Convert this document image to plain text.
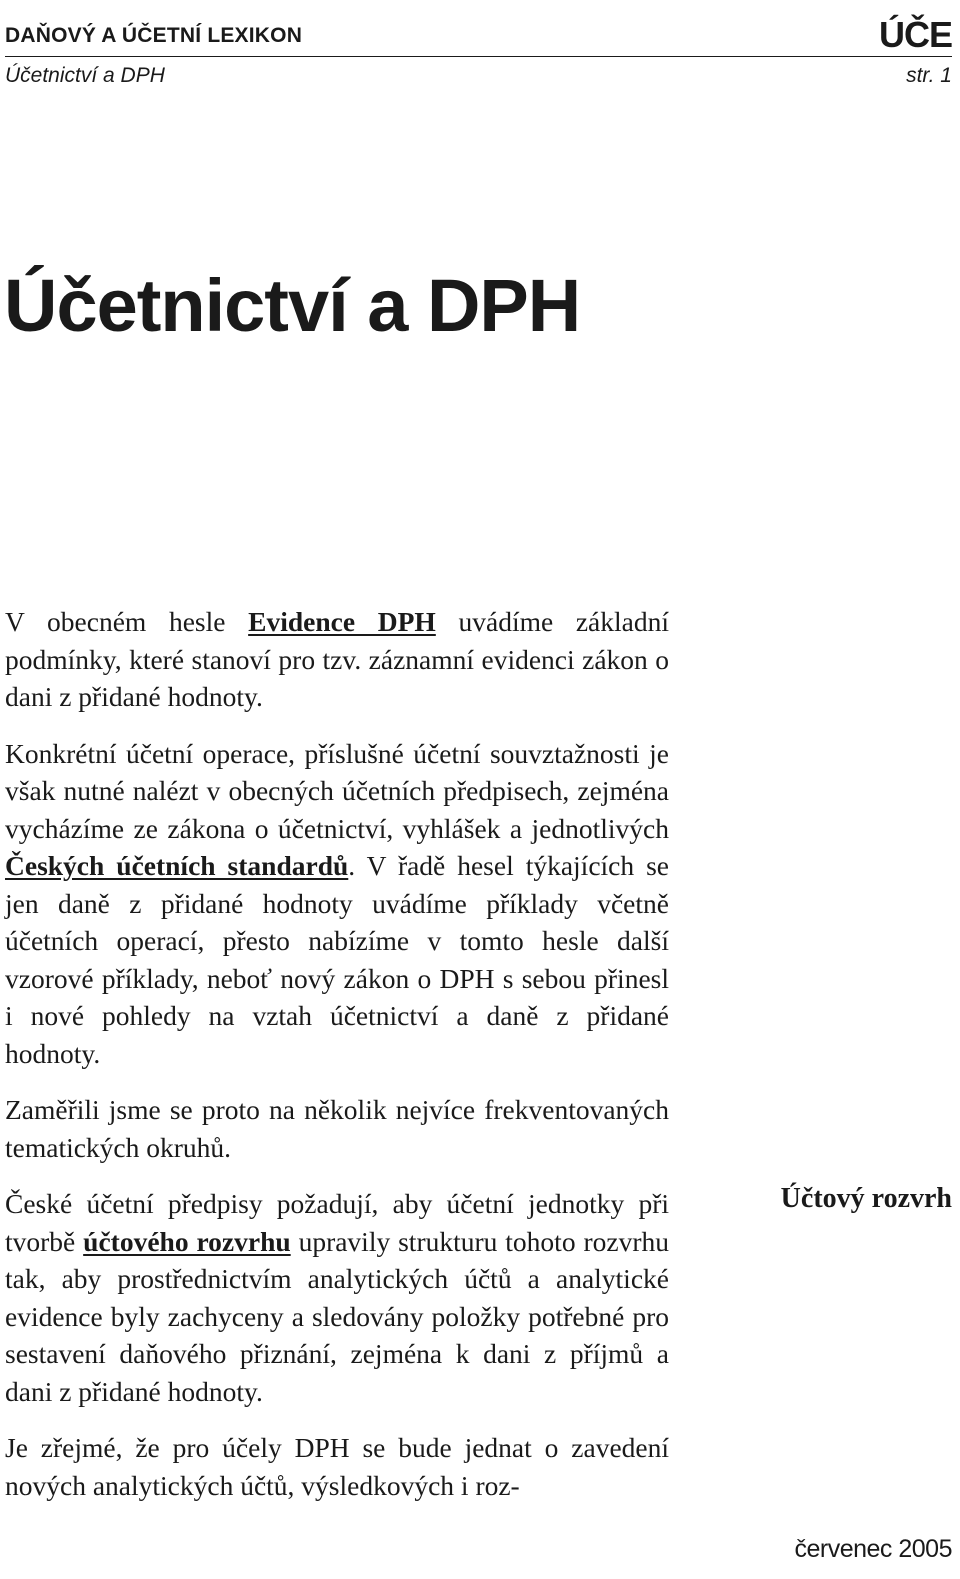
DAŇOVÝ A ÚČETNÍ LEXIKON	ÚČE
Účetnictví a DPH	str. 1
Účetnictví a DPH

V obecném hesle Evidence DPH uvádíme základní podmínky, které stanoví pro tzv. záznamní evidenci zákon o dani z přidané hodnoty.

Konkrétní účetní operace, příslušné účetní souvztažnosti je však nutné nalézt v obecných účetních předpisech, zejména vycházíme ze zákona o účetnictví, vyhlášek a jednotlivých Českých účetních standardů. V řadě hesel týkajících se jen daně z přidané hodnoty uvádíme příklady včetně účetních operací, přesto nabízíme v tomto hesle další vzorové příklady, neboť nový zákon o DPH s sebou přinesl i nové pohledy na vztah účetnictví a daně z přidané hodnoty.

Zaměřili jsme se proto na několik nejvíce frekventovaných tematických okruhů.

České účetní předpisy požadují, aby účetní jednotky při tvorbě účtového rozvrhu upravily strukturu tohoto rozvrhu tak, aby prostřednictvím analytických účtů a analytické evidence byly zachyceny a sledovány položky potřebné pro sestavení daňového přiznání, zejména k dani z příjmů a dani z přidané hodnoty.

Je zřejmé, že pro účely DPH se bude jednat o zavedení nových analytických účtů, výsledkových i roz-

Účtový rozvrh
červenec 2005
